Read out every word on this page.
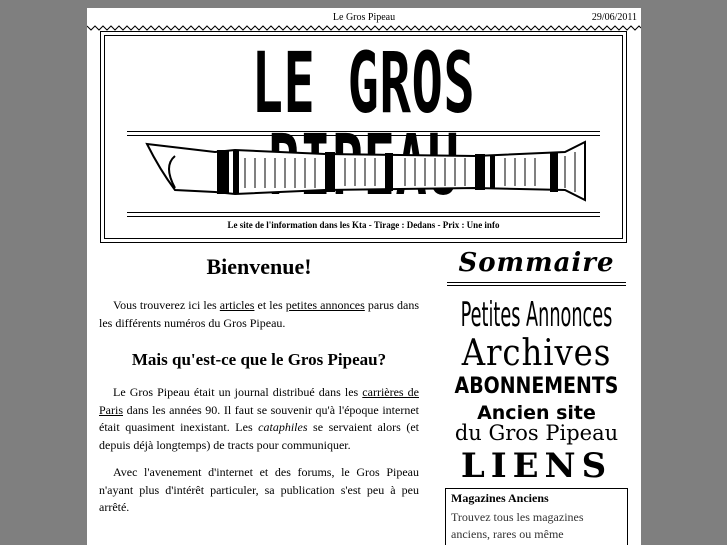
Le Gros Pipeau	29/06/2011
LE GROS
Le site de l'information dans les Kta - Tirage : Dedans - Prix : Une info
Bienvenue!

Vous trouverez ici les articles et les petites annonces parus dans les différents numéros du Gros Pipeau.

Mais qu'est-ce que le Gros Pipeau?

Le Gros Pipeau était un journal distribué dans les carrières de Paris dans les années 90. Il faut se souvenir qu'à l'époque internet était quasiment inexistant. Les cataphiles se servaient alors (et depuis déjà longtemps) de tracts pour communiquer.

Avec l'avenement d'internet et des forums, le Gros Pipeau n'ayant plus d'intérêt particuler, sa publication s'est peu à peu arrêté.

Sommaire
Petites Annonces
Archives
ABONNEMENTS
Ancien site
du Gros Pipeau
LIENS
Magazines Anciens
Trouvez tous les magazines anciens, rares ou même
